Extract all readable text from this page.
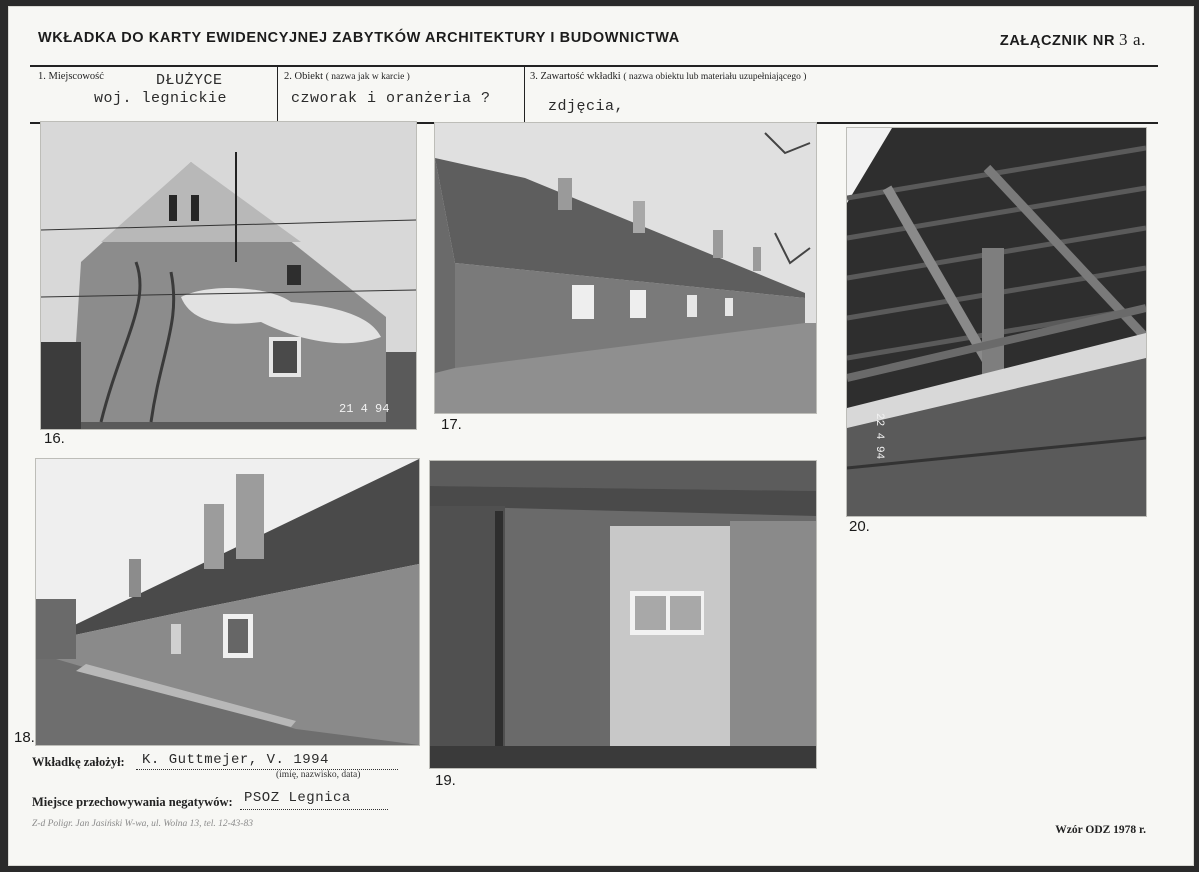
WKŁADKA DO KARTY EWIDENCYJNEJ ZABYTKÓW ARCHITEKTURY I BUDOWNICTWA	ZAŁĄCZNIK NR 3 a.
1. Miejscowość	DŁUŻYCE
woj. legnickie
2. Obiekt ( nazwa jak w karcie )
czworak i oranżeria ?
3. Zawartość wkładki ( nazwa obiektu lub materiału uzupełniającego )
zdjęcia,
21 4 94
16.
17.	22 4 94
20.
18.
19.
Wkładkę założył: K. Guttmejer, V. 1994
(imię, nazwisko, data)
Miejsce przechowywania negatywów: PSOZ Legnica
Z-d Poligr. Jan Jasiński W-wa, ul. Wolna 13, tel. 12-43-83	Wzór ODZ 1978 r.
